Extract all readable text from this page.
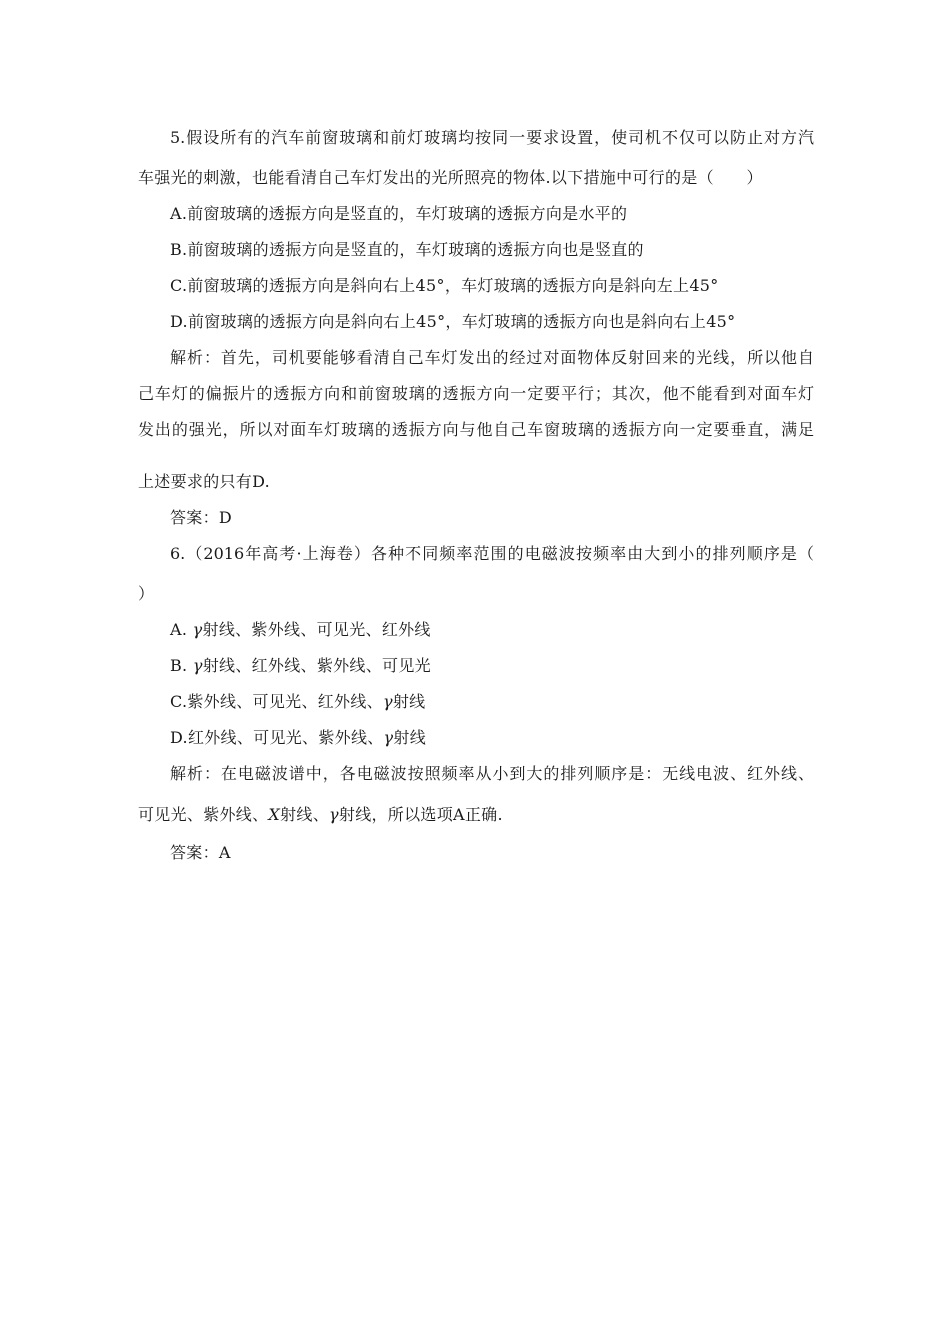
5.假设所有的汽车前窗玻璃和前灯玻璃均按同一要求设置，使司机不仅可以防止对方汽
车强光的刺激，也能看清自己车灯发出的光所照亮的物体.以下措施中可行的是（　　）
A.前窗玻璃的透振方向是竖直的，车灯玻璃的透振方向是水平的
B.前窗玻璃的透振方向是竖直的，车灯玻璃的透振方向也是竖直的
C.前窗玻璃的透振方向是斜向右上45°，车灯玻璃的透振方向是斜向左上45°
D.前窗玻璃的透振方向是斜向右上45°，车灯玻璃的透振方向也是斜向右上45°
解析：首先，司机要能够看清自己车灯发出的经过对面物体反射回来的光线，所以他自
己车灯的偏振片的透振方向和前窗玻璃的透振方向一定要平行；其次，他不能看到对面车灯
发出的强光，所以对面车灯玻璃的透振方向与他自己车窗玻璃的透振方向一定要垂直，满足
上述要求的只有D.
答案：D
6.（2016年高考·上海卷）各种不同频率范围的电磁波按频率由大到小的排列顺序是（
）
A. γ射线、紫外线、可见光、红外线
B. γ射线、红外线、紫外线、可见光
C.紫外线、可见光、红外线、γ射线
D.红外线、可见光、紫外线、γ射线
解析：在电磁波谱中，各电磁波按照频率从小到大的排列顺序是：无线电波、红外线、
可见光、紫外线、X射线、γ射线，所以选项A正确.
答案：A
